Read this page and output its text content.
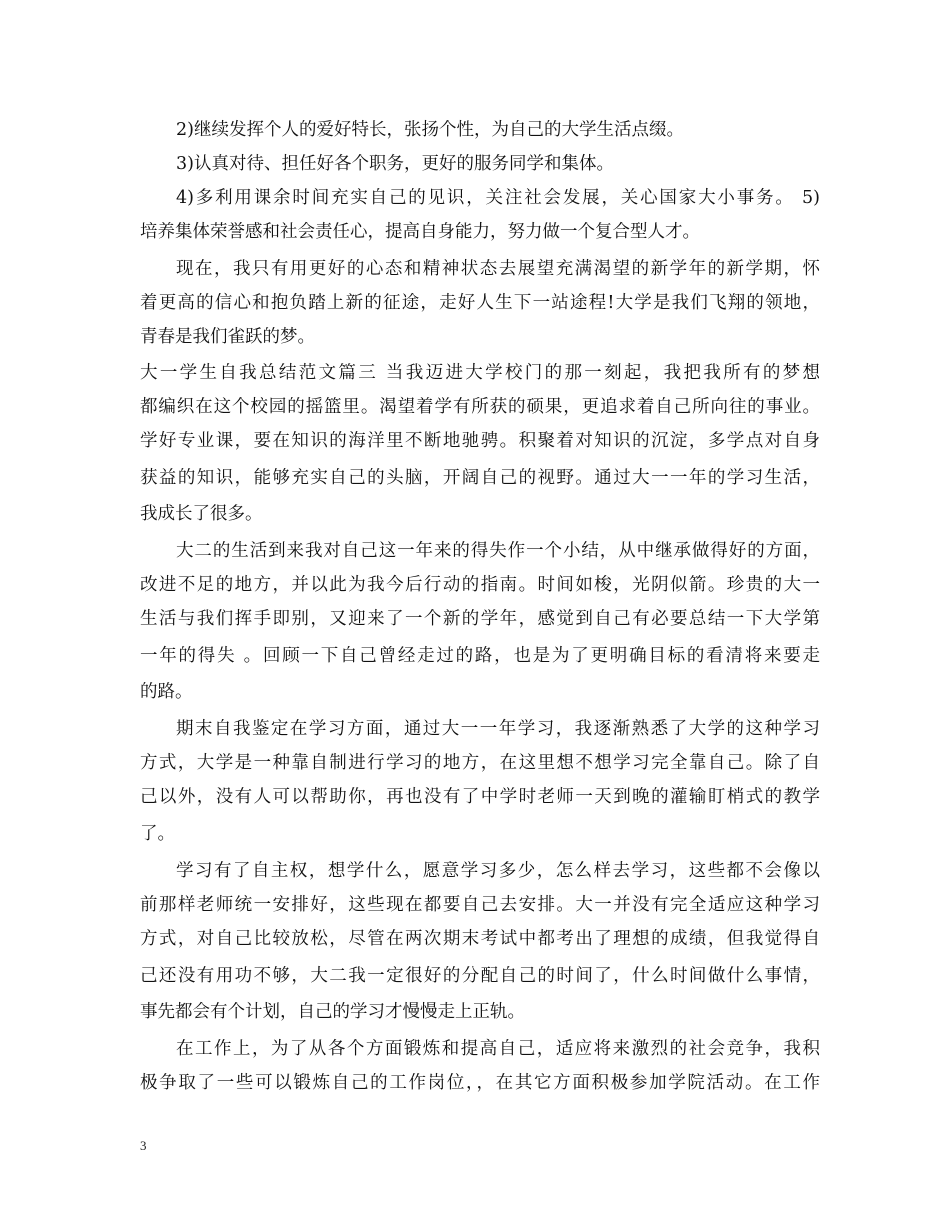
2)继续发挥个人的爱好特长，张扬个性，为自己的大学生活点缀。
3)认真对待、担任好各个职务，更好的服务同学和集体。
4)多利用课余时间充实自己的见识，关注社会发展，关心国家大小事务。 5)
培养集体荣誉感和社会责任心，提高自身能力，努力做一个复合型人才。
现在，我只有用更好的心态和精神状态去展望充满渴望的新学年的新学期，怀
着更高的信心和抱负踏上新的征途，走好人生下一站途程!大学是我们飞翔的领地，
青春是我们雀跃的梦。
大一学生自我总结范文篇三 当我迈进大学校门的那一刻起，我把我所有的梦想
都编织在这个校园的摇篮里。渴望着学有所获的硕果，更追求着自己所向往的事业。
学好专业课，要在知识的海洋里不断地驰骋。积聚着对知识的沉淀，多学点对自身
获益的知识，能够充实自己的头脑，开阔自己的视野。通过大一一年的学习生活，
我成长了很多。
大二的生活到来我对自己这一年来的得失作一个小结，从中继承做得好的方面，
改进不足的地方，并以此为我今后行动的指南。时间如梭，光阴似箭。珍贵的大一
生活与我们挥手即别，又迎来了一个新的学年，感觉到自己有必要总结一下大学第
一年的得失 。回顾一下自己曾经走过的路，也是为了更明确目标的看清将来要走
的路。
期末自我鉴定在学习方面，通过大一一年学习，我逐渐熟悉了大学的这种学习
方式，大学是一种靠自制进行学习的地方，在这里想不想学习完全靠自己。除了自
己以外，没有人可以帮助你，再也没有了中学时老师一天到晚的灌输盯梢式的教学
了。
学习有了自主权，想学什么，愿意学习多少，怎么样去学习，这些都不会像以
前那样老师统一安排好，这些现在都要自己去安排。大一并没有完全适应这种学习
方式，对自己比较放松，尽管在两次期末考试中都考出了理想的成绩，但我觉得自
己还没有用功不够，大二我一定很好的分配自己的时间了，什么时间做什么事情，
事先都会有个计划，自己的学习才慢慢走上正轨。
在工作上，为了从各个方面锻炼和提高自己，适应将来激烈的社会竞争，我积
极争取了一些可以锻炼自己的工作岗位，，在其它方面积极参加学院活动。在工作
3
